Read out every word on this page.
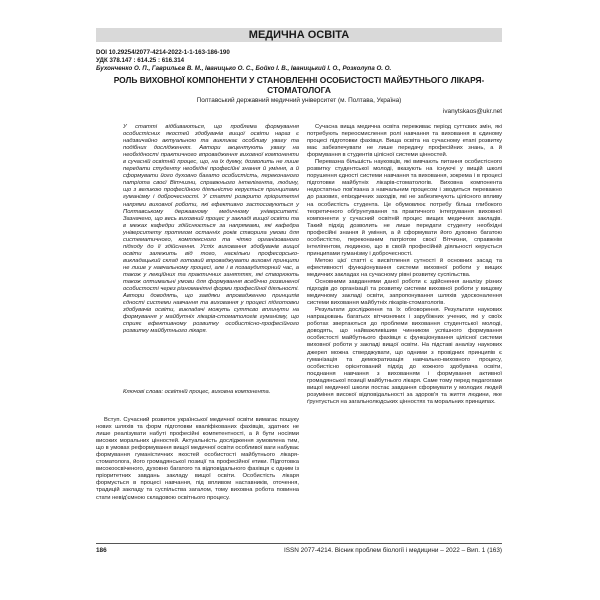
МЕДИЧНА ОСВІТА
DOI 10.29254/2077-4214-2022-1-1-163-186-190
УДК 378.147 : 614.25 : 616.314
Бухонченко О. П., Гаврильєв В. М., Іваницько О. С., Бойко І. В., Іваницький І. О., Розколупа О. О.
РОЛЬ ВИХОВНОЇ КОМПОНЕНТИ У СТАНОВЛЕННІ ОСОБИСТОСТІ МАЙБУТНЬОГО ЛІКАРЯ-СТОМАТОЛОГА
Полтавський державний медичний університет (м. Полтава, Україна)
ivanytskaos@ukr.net
У статті відбиваються, що проблема формування особистісних якостей здобувачів вищої освіти нараз є надзвичайно актуальною та викликає особливу увагу та подібних дослідженнях. Автори акцентують увагу на необхідності практичного впровадження виховної компоненти в сучасній освітній процес, що, на їх думку, дозволить не лише передати студенту необхідні професійні знання й уміння, а й сформувати його духовно багато особистість, переконаного патріота своєї Вітчизни, справжнього інтелігента, людину, що з великою професійною діяльністю керується принципами гуманізму і доброчесності. У статті розкрито пріоритетні напрями виховної роботи, які ефективно застосовуються у Полтавському державному медичному університеті. Зазначено, що весь виховний процес у закладі вищої освіти та в межах кафедри здійснюється за напрямами, які кафедра університету протягом останніх років створила умови для систематичного, комплексного та чітко організованого підходу до її здійснення. Успіх виховання здобувачів вищої освіти залежить від того, наскільки професорсько-викладацький склад готовий впроваджувати виховні принципи не лише у навчальному процесі, але і в позааудиторний час, а також у лекційних та практичних заняттях, які створюють також оптимальні умови для формування всебічно розвиненої особистості через різноманітні форми професійної діяльності. Автори доводять, що завдяки впровадженню принципів єдності системи навчання та виховання у процесі підготовки здобувачів освіти, викладачі можуть суттєво вплинути на формування у майбутніх лікарів-стоматологів гуманізму, що сприяє ефективному розвитку особистісно-професійного розвитку майбутнього лікаря.
Ключові слова: освітній процес, виховна компонента.

Вступ. Сучасний розвиток української медичної освіти вимагає пошуку нових шляхів та форм підготовки кваліфікованих фахівців, здатних не лише реалізувати набуті професійні компетентності, а й бути носіями високих моральних цінностей. Актуальність дослідження зумовлена тим, що в умовах реформування вищої медичної освіти особливої ваги набуває формування гуманістичних якостей особистості майбутнього лікаря-стоматолога, його громадянської позиції та професійної етики. Підготовка високоосвіченого, духовно багатого та відповідального фахівця є одним із пріоритетних завдань закладу вищої освіти. Особистість лікаря формується в процесі навчання, під впливом наставників, оточення, традицій закладу та суспільства загалом, тому виховна робота повинна стати невід'ємною складовою освітнього процесу.

Сучасна вища медична освіта переживає період суттєвих змін, які потребують переосмислення ролі навчання та виховання в єдиному процесі підготовки фахівця. Вища освіта на сучасному етапі розвитку має забезпечувати не лише передачу професійних знань, а й формування в студентів цілісної системи цінностей.

Перевазна більшість науковців, які вивчають питання особистісного розвитку студентської молоді, вказують на існуючі у вищій школі порушення єдності системи навчання та виховання, зокрема і в процесі підготовки майбутніх лікарів-стоматологів. Виховна компонента недостатньо пов'язана з навчальним процесом і зводиться переважно до разових, епізодичних заходів, які не забезпечують цілісного впливу на особистість студента. Це обумовлює потребу більш глибокого теоретичного обґрунтування та практичного інтегрування виховної компоненти у сучасний освітній процес вищих медичних закладів. Такий підхід дозволить не лише передати студенту необхідні професійні знання й уміння, а й сформувати його духовно багатою особистістю, переконаним патріотом своєї Вітчизни, справжнім інтелігентом, людиною, що в своїй професійній діяльності керується принципами гуманізму і доброчесності.

Метою цієї статті є висвітлення сутності й основних засад та ефективності функціонування системи виховної роботи у вищих медичних закладах на сучасному рівні розвитку суспільства.

Основними завданнями даної роботи є здійснення аналізу різних підходів до організації та розвитку системи виховної роботи у вищому медичному закладі освіти, запропонування шляхів удосконалення системи виховання майбутніх лікарів-стоматологів.

Результати дослідження та їх обговорення. Результати наукових напрацювань багатьох вітчизняних і зарубіжних учених, які у своїх роботах звертаються до проблеми виховання студентської молоді, доводять, що найважливішим чинником успішного формування особистості майбутнього фахівця є функціонування цілісної системи виховної роботи у закладі вищої освіти. На підставі аналізу наукових джерел можна стверджувати, що одними з провідних принципів є гуманізація та демократизація навчально-виховного процесу, особистісно орієнтований підхід до кожного здобувача освіти, поєднання навчання з вихованням і формування активної громадянської позиції майбутнього лікаря. Саме тому перед педагогами вищої медичної школи постає завдання сформувати у молодих людей розуміння високої відповідальності за здоров'я та життя людини, яке ґрунтується на загальнолюдських цінностях та моральних принципах.

186	ISSN 2077-4214. Вісник проблем біології і медицини – 2022 – Вип. 1 (163)
